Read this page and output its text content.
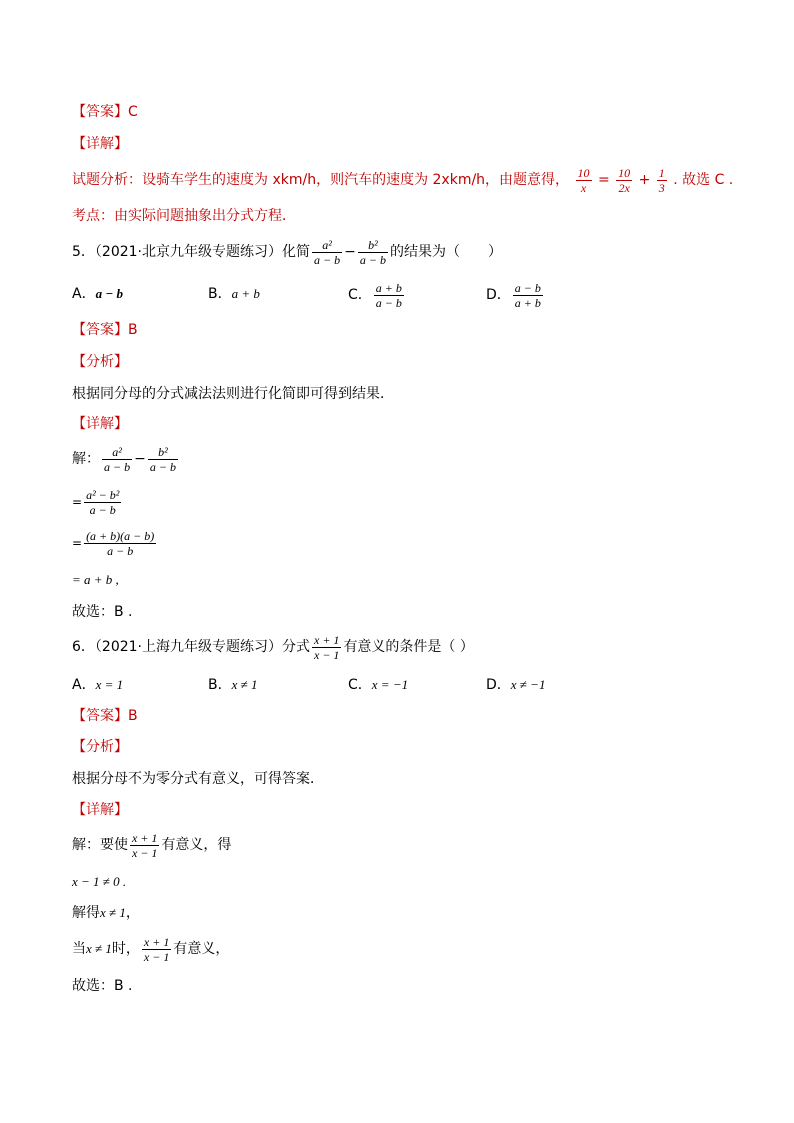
【答案】C
【详解】
试题分析：设骑车学生的速度为 xkm/h，则汽车的速度为 2xkm/h，由题意得， $\frac{10}{x} = \frac{10}{2x} + \frac{1}{3}$ . 故选 C .
考点：由实际问题抽象出分式方程．
5．（2021·北京九年级专题练习）化简 $\frac{\text{a²}}{a - b} - \frac{\text{b²}}{a - b}$ 的结果为（　　）
A．a − b	B．a + b	C． $\frac{a + b}{a - b}$	D． $\frac{a - b}{a + b}$
【答案】B
【分析】
根据同分母的分式减法法则进行化简即可得到结果．
【详解】
解： $\frac{\text{a²}}{a - b} - \frac{\text{b²}}{a - b}$
= $\frac{\text{a² − b²}}{a - b}$
= $\frac{(a + b)(a - b)}{a - b}$
= a + b ,
故选：B .
6．（2021·上海九年级专题练习）分式 $\frac{x + 1}{x - 1}$ 有意义的条件是（ ）
A．x = 1	B．x ≠ 1	C．x = −1	D．x ≠ −1
【答案】B
【分析】
根据分母不为零分式有意义，可得答案．
【详解】
解：要使 $\frac{x + 1}{x - 1}$ 有意义，得
x − 1 ≠ 0 .
解得x ≠ 1，
当x ≠ 1时， $\frac{x + 1}{x - 1}$ 有意义，
故选：B .
